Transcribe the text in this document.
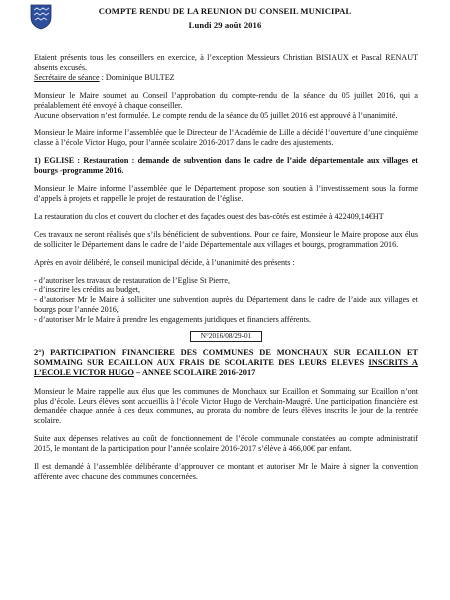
COMPTE RENDU DE LA REUNION DU CONSEIL MUNICIPAL
Lundi 29 août 2016

Etaient présents tous les conseillers en exercice, à l’exception Messieurs Christian BISIAUX et Pascal RENAUT absents excusés.

Secrétaire de séance : Dominique BULTEZ

Monsieur le Maire soumet au Conseil l’approbation du compte-rendu de la séance du 05 juillet 2016, qui a préalablement été envoyé à chaque conseiller.

Aucune observation n’est formulée. Le compte rendu de la séance du 05 juillet 2016 est approuvé à l’unanimité.

Monsieur le Maire informe l’assemblée que le Directeur de l’Académie de Lille a décidé l’ouverture d’une cinquième classe à l’école Victor Hugo, pour l’année scolaire 2016-2017 dans le cadre des ajustements.

1) EGLISE : Restauration : demande de subvention dans le cadre de l’aide départementale aux villages et bourgs -programme 2016.

Monsieur le Maire informe l’assemblée que le Département propose son soutien à l’investissement sous la forme d’appels à projets et rappelle le projet de restauration de l’église.

La restauration du clos et couvert du clocher et des façades ouest des bas-côtés est estimée à 422409,14€HT

Ces travaux ne seront réalisés que s’ils bénéficient de subventions. Pour ce faire, Monsieur le Maire propose aux élus de solliciter le Département dans le cadre de l’aide Départementale aux villages et bourgs, programmation 2016.

Après en avoir délibéré, le conseil municipal décide, à l’unanimité des présents :

- d’autoriser les travaux de restauration de l’Eglise St Pierre,

- d’inscrire les crédits au budget,

- d’autoriser Mr le Maire à solliciter une subvention auprès du Département dans le cadre de l’aide aux villages et bourgs pour l’année 2016,

- d’autoriser Mr le Maire à prendre les engagements juridiques et financiers afférents.

N°2016/08/29-01

2°) PARTICIPATION FINANCIERE DES COMMUNES DE MONCHAUX SUR ECAILLON ET SOMMAING SUR ECAILLON AUX FRAIS DE SCOLARITE DES LEURS ELEVES INSCRITS A L’ECOLE VICTOR HUGO – ANNEE SCOLAIRE 2016-2017

Monsieur le Maire rappelle aux élus que les communes de Monchaux sur Ecaillon et Sommaing sur Ecaillon n’ont plus d’école. Leurs élèves sont accueillis à l’école Victor Hugo de Verchain-Maugré. Une participation financière est demandée chaque année à ces deux communes, au prorata du nombre de leurs élèves inscrits le jour de la rentrée scolaire.

Suite aux dépenses relatives au coût de fonctionnement de l’école communale constatées au compte administratif 2015, le montant de la participation pour l’année scolaire 2016-2017 s’élève à 466,00€ par enfant.

Il est demandé à l’assemblée délibérante d’approuver ce montant et autoriser Mr le Maire à signer la convention afférente avec chacune des communes concernées.
